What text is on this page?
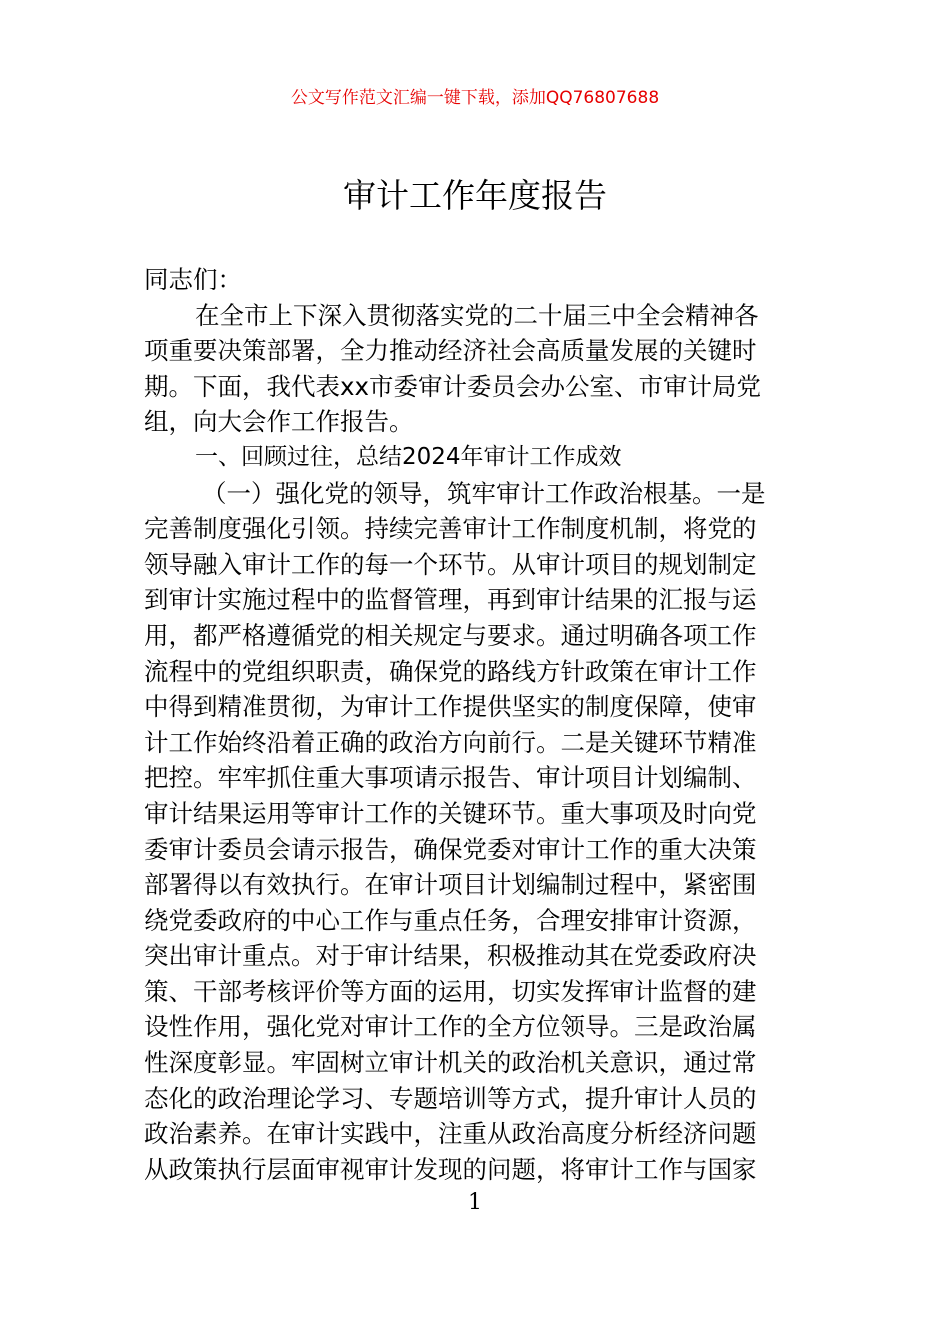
公文写作范文汇编一键下载，添加QQ76807688
审计工作年度报告
同志们：
在全市上下深入贯彻落实党的二十届三中全会精神各
项重要决策部署，全力推动经济社会高质量发展的关键时
期。下面，我代表xx市委审计委员会办公室、市审计局党
组，向大会作工作报告。
一、回顾过往，总结2024年审计工作成效
（一）强化党的领导，筑牢审计工作政治根基。一是
完善制度强化引领。持续完善审计工作制度机制，将党的
领导融入审计工作的每一个环节。从审计项目的规划制定
到审计实施过程中的监督管理，再到审计结果的汇报与运
用，都严格遵循党的相关规定与要求。通过明确各项工作
流程中的党组织职责，确保党的路线方针政策在审计工作
中得到精准贯彻，为审计工作提供坚实的制度保障，使审
计工作始终沿着正确的政治方向前行。二是关键环节精准
把控。牢牢抓住重大事项请示报告、审计项目计划编制、
审计结果运用等审计工作的关键环节。重大事项及时向党
委审计委员会请示报告，确保党委对审计工作的重大决策
部署得以有效执行。在审计项目计划编制过程中，紧密围
绕党委政府的中心工作与重点任务，合理安排审计资源，
突出审计重点。对于审计结果，积极推动其在党委政府决
策、干部考核评价等方面的运用，切实发挥审计监督的建
设性作用，强化党对审计工作的全方位领导。三是政治属
性深度彰显。牢固树立审计机关的政治机关意识，通过常
态化的政治理论学习、专题培训等方式，提升审计人员的
政治素养。在审计实践中，注重从政治高度分析经济问题
从政策执行层面审视审计发现的问题，将审计工作与国家
1
